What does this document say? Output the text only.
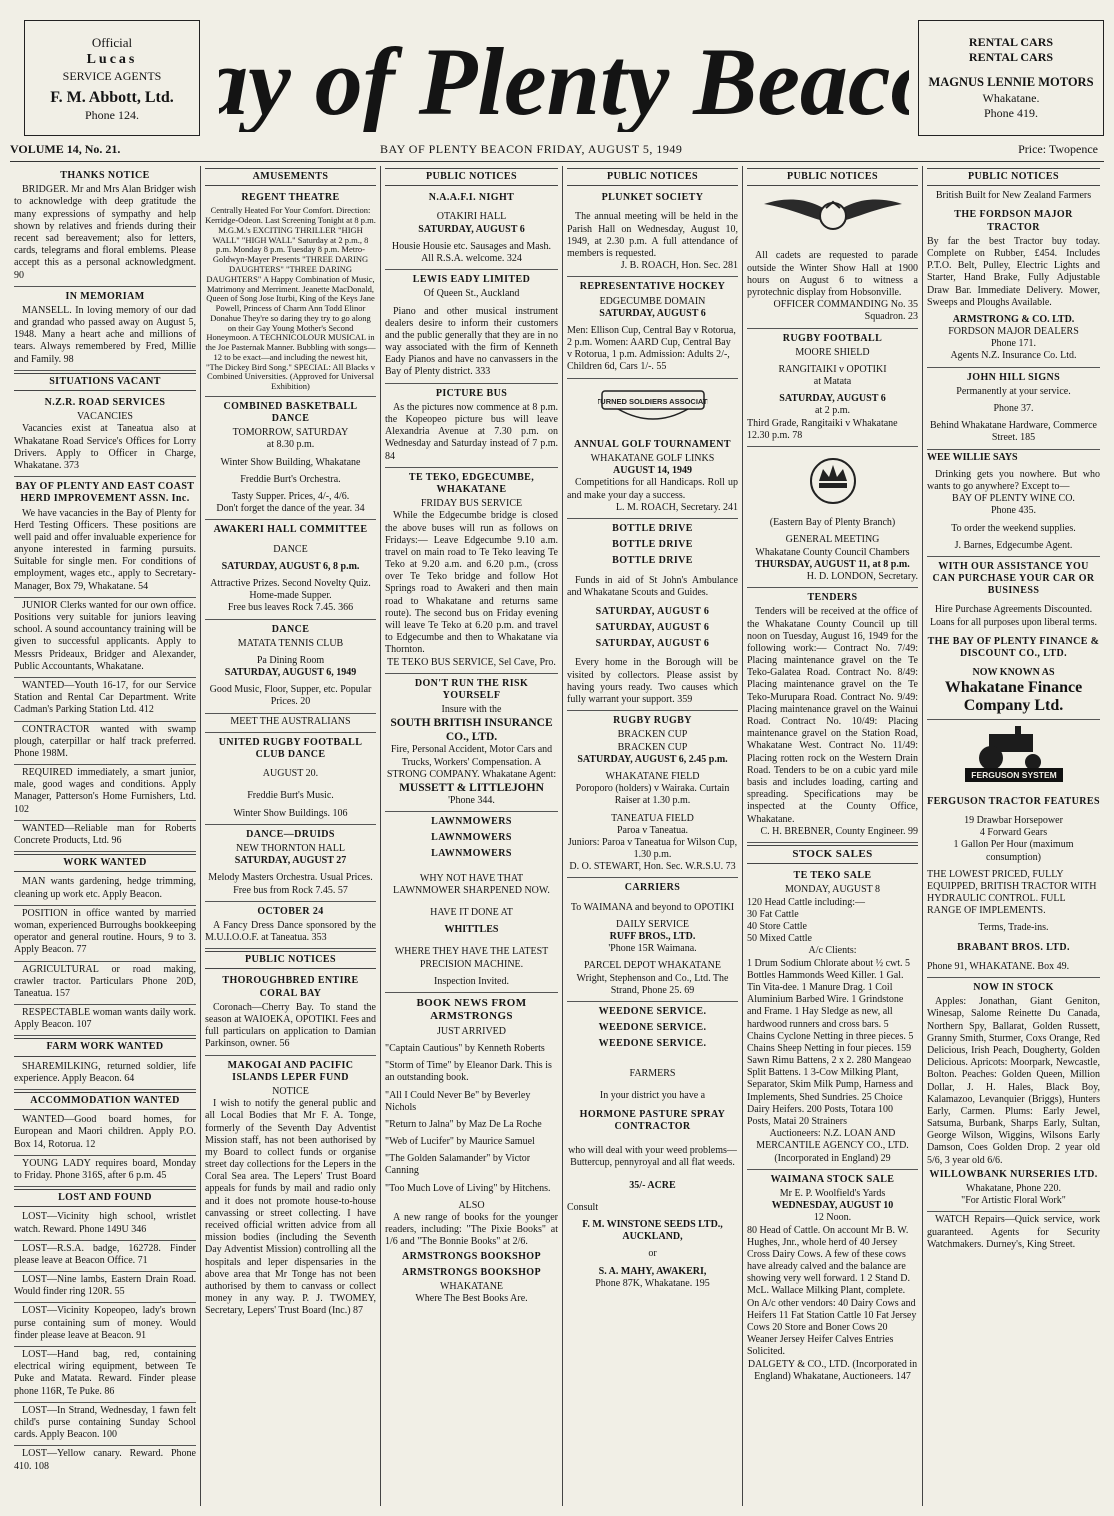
Official
Lucas
SERVICE AGENTS
F. M. Abbott, Ltd.
Phone 124.	y of Plenty Beac	RENTAL CARS
RENTAL CARS
MAGNUS LENNIE MOTORS
Whakatane.
Phone 419.
VOLUME 14, No. 21.	BAY OF PLENTY BEACON FRIDAY, AUGUST 5, 1949	Price: Twopence
THANKS NOTICE
BRIDGER. Mr and Mrs Alan Bridger wish to acknowledge with deep gratitude the many expressions of sympathy and help shown by relatives and friends during their recent sad bereavement; also for letters, cards, telegrams and floral emblems. Please accept this as a personal acknowledgment. 90
IN MEMORIAM
MANSELL. In loving memory of our dad and grandad who passed away on August 5, 1948. Many a heart ache and millions of tears. Always remembered by Fred, Millie and Family. 98
SITUATIONS VACANT
N.Z.R. ROAD SERVICES
VACANCIES
Vacancies exist at Taneatua also at Whakatane Road Service's Offices for Lorry Drivers. Apply to Officer in Charge, Whakatane. 373
BAY OF PLENTY AND EAST COAST HERD IMPROVEMENT ASSN. Inc.
We have vacancies in the Bay of Plenty for Herd Testing Officers. These positions are well paid and offer invaluable experience for anyone interested in farming pursuits. Suitable for single men. For conditions of employment, wages etc., apply to Secretary-Manager, Box 79, Whakatane. 54
JUNIOR Clerks wanted for our own office. Positions very suitable for juniors leaving school. A sound accountancy training will be given to successful applicants. Apply to Messrs Prideaux, Bridger and Alexander, Public Accountants, Whakatane.
WANTED—Youth 16-17, for our Service Station and Rental Car Department. Write Cadman's Parking Station Ltd. 412
CONTRACTOR wanted with swamp plough, caterpillar or half track preferred. Phone 198M.
REQUIRED immediately, a smart junior, male, good wages and conditions. Apply Manager, Patterson's Home Furnishers, Ltd. 102
WANTED—Reliable man for Roberts Concrete Products, Ltd. 96
WORK WANTED
MAN wants gardening, hedge trimming, cleaning up work etc. Apply Beacon.
POSITION in office wanted by married woman, experienced Burroughs bookkeeping operator and general routine. Hours, 9 to 3. Apply Beacon. 77
AGRICULTURAL or road making, crawler tractor. Particulars Phone 20D, Taneatua. 157
RESPECTABLE woman wants daily work. Apply Beacon. 107
FARM WORK WANTED
SHAREMILKING, returned soldier, life experience. Apply Beacon. 64
ACCOMMODATION WANTED
WANTED—Good board homes, for European and Maori children. Apply P.O. Box 14, Rotorua. 12
YOUNG LADY requires board, Monday to Friday. Phone 316S, after 6 p.m. 45
LOST AND FOUND
LOST—Vicinity high school, wristlet watch. Reward. Phone 149U 346
LOST—R.S.A. badge, 162728. Finder please leave at Beacon Office. 71
LOST—Nine lambs, Eastern Drain Road. Would finder ring 120R. 55
LOST—Vicinity Kopeopeo, lady's brown purse containing sum of money. Would finder please leave at Beacon. 91
LOST—Hand bag, red, containing electrical wiring equipment, between Te Puke and Matata. Reward. Finder please phone 116R, Te Puke. 86
LOST—In Strand, Wednesday, 1 fawn felt child's purse containing Sunday School cards. Apply Beacon. 100
LOST—Yellow canary. Reward. Phone 410. 108
AMUSEMENTS
REGENT THEATRE
Centrally Heated For Your Comfort. Direction: Kerridge-Odeon. Last Screening Tonight at 8 p.m. M.G.M.'s EXCITING THRILLER "HIGH WALL" "HIGH WALL" Saturday at 2 p.m., 8 p.m. Monday 8 p.m. Tuesday 8 p.m. Metro-Goldwyn-Mayer Presents "THREE DARING DAUGHTERS" "THREE DARING DAUGHTERS" A Happy Combination of Music, Matrimony and Merriment. Jeanette MacDonald, Queen of Song Jose Iturbi, King of the Keys Jane Powell, Princess of Charm Ann Todd Elinor Donahue They're so daring they try to go along on their Gay Young Mother's Second Honeymoon. A TECHNICOLOUR MUSICAL in the Joe Pasternak Manner. Bubbling with songs—12 to be exact—and including the newest hit, "The Dickey Bird Song." SPECIAL: All Blacks v Combined Universities. (Approved for Universal Exhibition)
COMBINED BASKETBALL DANCE
TOMORROW, SATURDAY
at 8.30 p.m.
Winter Show Building, Whakatane
Freddie Burt's Orchestra.
Tasty Supper. Prices, 4/-, 4/6.
Don't forget the dance of the year. 34
AWAKERI HALL COMMITTEE
DANCE
SATURDAY, AUGUST 6, 8 p.m.
Attractive Prizes. Second Novelty Quiz. Home-made Supper.
Free bus leaves Rock 7.45. 366
DANCE
MATATA TENNIS CLUB
Pa Dining Room
SATURDAY, AUGUST 6, 1949
Good Music, Floor, Supper, etc. Popular Prices. 20
MEET THE AUSTRALIANS
UNITED RUGBY FOOTBALL CLUB DANCE
AUGUST 20.
Freddie Burt's Music.
Winter Show Buildings. 106
DANCE—DRUIDS
NEW THORNTON HALL
SATURDAY, AUGUST 27
Melody Masters Orchestra. Usual Prices.
Free bus from Rock 7.45. 57
OCTOBER 24
A Fancy Dress Dance sponsored by the M.U.I.O.O.F. at Taneatua. 353
PUBLIC NOTICES
THOROUGHBRED ENTIRE CORAL BAY
Coronach—Cherry Bay. To stand the season at WAIOEKA, OPOTIKI. Fees and full particulars on application to Damian Parkinson, owner. 56
MAKOGAI AND PACIFIC ISLANDS LEPER FUND
NOTICE
I wish to notify the general public and all Local Bodies that Mr F. A. Tonge, formerly of the Seventh Day Adventist Mission staff, has not been authorised by my Board to collect funds or organise street day collections for the Lepers in the Coral Sea area. The Lepers' Trust Board appeals for funds by mail and radio only and it does not promote house-to-house canvassing or street collecting. I have received official written advice from all mission bodies (including the Seventh Day Adventist Mission) controlling all the hospitals and leper dispensaries in the above area that Mr Tonge has not been authorised by them to canvass or collect money in any way. P. J. TWOMEY, Secretary, Lepers' Trust Board (Inc.) 87
PUBLIC NOTICES
N.A.A.F.I. NIGHT
OTAKIRI HALL
SATURDAY, AUGUST 6
Housie Housie etc. Sausages and Mash. All R.S.A. welcome. 324
LEWIS EADY LIMITED
Of Queen St., Auckland
Piano and other musical instrument dealers desire to inform their customers and the public generally that they are in no way associated with the firm of Kenneth Eady Pianos and have no canvassers in the Bay of Plenty district. 333
PICTURE BUS
As the pictures now commence at 8 p.m. the Kopeopeo picture bus will leave Alexandria Avenue at 7.30 p.m. on Wednesday and Saturday instead of 7 p.m. 84
TE TEKO, EDGECUMBE, WHAKATANE
FRIDAY BUS SERVICE
While the Edgecumbe bridge is closed the above buses will run as follows on Fridays:— Leave Edgecumbe 9.10 a.m. travel on main road to Te Teko leaving Te Teko at 9.20 a.m. and 6.20 p.m., (cross over Te Teko bridge and follow Hot Springs road to Awakeri and then main road to Whakatane and returns same route). The second bus on Friday evening will leave Te Teko at 6.20 p.m. and travel to Edgecumbe and then to Whakatane via Thornton.
TE TEKO BUS SERVICE, Sel Cave, Pro.
DON'T RUN THE RISK YOURSELF
Insure with the
SOUTH BRITISH INSURANCE CO., LTD.
Fire, Personal Accident, Motor Cars and Trucks, Workers' Compensation. A STRONG COMPANY. Whakatane Agent:
MUSSETT & LITTLEJOHN
'Phone 344.
LAWNMOWERS
LAWNMOWERS
LAWNMOWERS
WHY NOT HAVE THAT LAWNMOWER SHARPENED NOW.
HAVE IT DONE AT
WHITTLES
WHERE THEY HAVE THE LATEST PRECISION MACHINE.
Inspection Invited.
BOOK NEWS FROM ARMSTRONGS
JUST ARRIVED
"Captain Cautious" by Kenneth Roberts
"Storm of Time" by Eleanor Dark. This is an outstanding book.
"All I Could Never Be" by Beverley Nichols
"Return to Jalna" by Maz De La Roche
"Web of Lucifer" by Maurice Samuel
"The Golden Salamander" by Victor Canning
"Too Much Love of Living" by Hitchens.
ALSO
A new range of books for the younger readers, including: "The Pixie Books" at 1/6 and "The Bonnie Books" at 2/6.
ARMSTRONGS BOOKSHOP
ARMSTRONGS BOOKSHOP
WHAKATANE
Where The Best Books Are.
PUBLIC NOTICES
PLUNKET SOCIETY
The annual meeting will be held in the Parish Hall on Wednesday, August 10, 1949, at 2.30 p.m. A full attendance of members is requested.
J. B. ROACH, Hon. Sec. 281
REPRESENTATIVE HOCKEY
EDGECUMBE DOMAIN
SATURDAY, AUGUST 6
Men: Ellison Cup, Central Bay v Rotorua, 2 p.m. Women: AARD Cup, Central Bay v Rotorua, 1 p.m. Admission: Adults 2/-, Children 6d, Cars 1/-. 55
URNED SOLDIERS ASSOCIAT
ANNUAL GOLF TOURNAMENT
WHAKATANE GOLF LINKS
AUGUST 14, 1949
Competitions for all Handicaps. Roll up and make your day a success.
L. M. ROACH, Secretary. 241
BOTTLE DRIVE
BOTTLE DRIVE
BOTTLE DRIVE
Funds in aid of St John's Ambulance and Whakatane Scouts and Guides.
SATURDAY, AUGUST 6
SATURDAY, AUGUST 6
SATURDAY, AUGUST 6
Every home in the Borough will be visited by collectors. Please assist by having yours ready. Two causes which fully warrant your support. 359
RUGBY RUGBY
BRACKEN CUP
BRACKEN CUP
SATURDAY, AUGUST 6, 2.45 p.m.
WHAKATANE FIELD
Poroporo (holders) v Wairaka. Curtain Raiser at 1.30 p.m.
TANEATUA FIELD
Paroa v Taneatua.
Juniors: Paroa v Taneatua for Wilson Cup, 1.30 p.m.
D. O. STEWART, Hon. Sec. W.R.S.U. 73
CARRIERS
To WAIMANA and beyond to OPOTIKI
DAILY SERVICE
RUFF BROS., LTD.
'Phone 15R Waimana.
PARCEL DEPOT WHAKATANE
Wright, Stephenson and Co., Ltd. The Strand, Phone 25. 69
WEEDONE SERVICE.
WEEDONE SERVICE.
WEEDONE SERVICE.
FARMERS
In your district you have a
HORMONE PASTURE SPRAY CONTRACTOR
who will deal with your weed problems—Buttercup, pennyroyal and all flat weeds.
35/- ACRE
Consult
F. M. WINSTONE SEEDS LTD., AUCKLAND,
or
S. A. MAHY, AWAKERI,
Phone 87K, Whakatane. 195
PUBLIC NOTICES
All cadets are requested to parade outside the Winter Show Hall at 1900 hours on August 6 to witness a pyrotechnic display from Hobsonville.
OFFICER COMMANDING No. 35 Squadron. 23
RUGBY FOOTBALL
MOORE SHIELD
RANGITAIKI v OPOTIKI
at Matata
SATURDAY, AUGUST 6
at 2 p.m.
Third Grade, Rangitaiki v Whakatane 12.30 p.m. 78
(Eastern Bay of Plenty Branch)
GENERAL MEETING
Whakatane County Council Chambers
THURSDAY, AUGUST 11, at 8 p.m.
H. D. LONDON, Secretary.
TENDERS
Tenders will be received at the office of the Whakatane County Council up till noon on Tuesday, August 16, 1949 for the following work:— Contract No. 7/49: Placing maintenance gravel on the Te Teko-Galatea Road. Contract No. 8/49: Placing maintenance gravel on the Te Teko-Murupara Road. Contract No. 9/49: Placing maintenance gravel on the Wainui Road. Contract No. 10/49: Placing maintenance gravel on the Station Road, Whakatane West. Contract No. 11/49: Placing rotten rock on the Western Drain Road. Tenders to be on a cubic yard mile basis and includes loading, carting and spreading. Specifications may be inspected at the County Office, Whakatane.
C. H. BREBNER, County Engineer. 99
STOCK SALES
TE TEKO SALE
MONDAY, AUGUST 8
120 Head Cattle including:—
30 Fat Cattle
40 Store Cattle
50 Mixed Cattle
A/c Clients:
1 Drum Sodium Chlorate about ½ cwt. 5 Bottles Hammonds Weed Killer. 1 Gal. Tin Vita-dee. 1 Manure Drag. 1 Coil Aluminium Barbed Wire. 1 Grindstone and Frame. 1 Hay Sledge as new, all hardwood runners and cross bars. 5 Chains Cyclone Netting in three pieces. 5 Chains Sheep Netting in four pieces. 159 Sawn Rimu Battens, 2 x 2. 280 Mangeao Split Battens. 1 3-Cow Milking Plant, Separator, Skim Milk Pump, Harness and Implements, Shed Sundries. 25 Choice Dairy Heifers. 200 Posts, Totara 100 Posts, Matai 20 Strainers
Auctioneers: N.Z. LOAN AND MERCANTILE AGENCY CO., LTD. (Incorporated in England) 29
WAIMANA STOCK SALE
Mr E. P. Woolfield's Yards
WEDNESDAY, AUGUST 10
12 Noon.
80 Head of Cattle. On account Mr B. W. Hughes, Jnr., whole herd of 40 Jersey Cross Dairy Cows. A few of these cows have already calved and the balance are showing very well forward. 1 2 Stand D. McL. Wallace Milking Plant, complete. On A/c other vendors: 40 Dairy Cows and Heifers 11 Fat Station Cattle 10 Fat Jersey Cows 20 Store and Boner Cows 20 Weaner Jersey Heifer Calves Entries Solicited.
DALGETY & CO., LTD. (Incorporated in England) Whakatane, Auctioneers. 147
PUBLIC NOTICES
British Built for New Zealand Farmers
THE FORDSON MAJOR TRACTOR
By far the best Tractor buy today. Complete on Rubber, £454. Includes P.T.O. Belt, Pulley, Electric Lights and Starter, Hand Brake, Fully Adjustable Draw Bar. Immediate Delivery. Mower, Sweeps and Ploughs Available.
ARMSTRONG & CO. LTD.
FORDSON MAJOR DEALERS
Phone 171.
Agents N.Z. Insurance Co. Ltd.
JOHN HILL SIGNS
Permanently at your service.
Phone 37.
Behind Whakatane Hardware, Commerce Street. 185
WEE WILLIE SAYS
Drinking gets you nowhere. But who wants to go anywhere? Except to—
BAY OF PLENTY WINE CO.
Phone 435.
To order the weekend supplies.
J. Barnes, Edgecumbe Agent.
WITH OUR ASSISTANCE YOU CAN PURCHASE YOUR CAR OR BUSINESS
Hire Purchase Agreements Discounted. Loans for all purposes upon liberal terms.
THE BAY OF PLENTY FINANCE & DISCOUNT CO., LTD.
NOW KNOWN AS
Whakatane Finance Company Ltd.
FERGUSON SYSTEM
FERGUSON TRACTOR FEATURES
19 Drawbar Horsepower
4 Forward Gears
1 Gallon Per Hour (maximum consumption)
THE LOWEST PRICED, FULLY EQUIPPED, BRITISH TRACTOR WITH HYDRAULIC CONTROL. FULL RANGE OF IMPLEMENTS.
Terms, Trade-ins.
BRABANT BROS. LTD.
Phone 91, WHAKATANE. Box 49.
NOW IN STOCK
Apples: Jonathan, Giant Geniton, Winesap, Salome Reinette Du Canada, Northern Spy, Ballarat, Golden Russett, Granny Smith, Sturmer, Coxs Orange, Red Delicious, Irish Peach, Dougherty, Golden Delicious. Apricots: Moorpark, Newcastle, Bolton. Peaches: Golden Queen, Million Dollar, J. H. Hales, Black Boy, Kalamazoo, Levanquier (Briggs), Hunters Early, Carmen. Plums: Early Jewel, Satsuma, Burbank, Sharps Early, Sultan, George Wilson, Wiggins, Wilsons Early Damson, Coes Golden Drop. 2 year old 5/6, 3 year old 6/6.
WILLOWBANK NURSERIES LTD.
Whakatane, Phone 220.
"For Artistic Floral Work"
WATCH Repairs—Quick service, work guaranteed. Agents for Security Watchmakers. Durney's, King Street.
